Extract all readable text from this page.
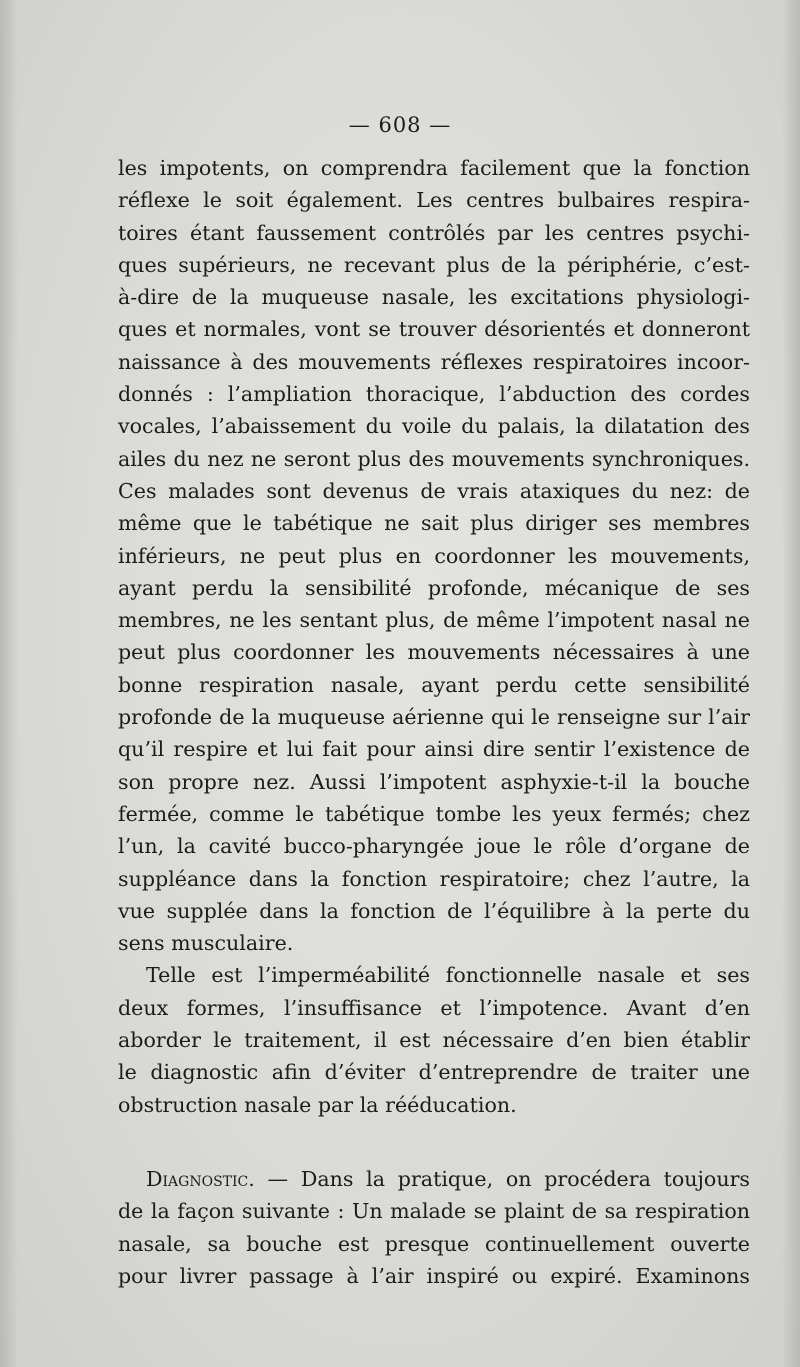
— 608 —
les impotents, on comprendra facilement que la fonction
réflexe le soit également. Les centres bulbaires respira-
toires étant faussement contrôlés par les centres psychi-
ques supérieurs, ne recevant plus de la périphérie, c’est-
à-dire de la muqueuse nasale, les excitations physiologi-
ques et normales, vont se trouver désorientés et donneront
naissance à des mouvements réflexes respiratoires incoor-
donnés : l’ampliation thoracique, l’abduction des cordes
vocales, l’abaissement du voile du palais, la dilatation des
ailes du nez ne seront plus des mouvements synchroniques.
Ces malades sont devenus de vrais ataxiques du nez: de
même que le tabétique ne sait plus diriger ses membres
inférieurs, ne peut plus en coordonner les mouvements,
ayant perdu la sensibilité profonde, mécanique de ses
membres, ne les sentant plus, de même l’impotent nasal ne
peut plus coordonner les mouvements nécessaires à une
bonne respiration nasale, ayant perdu cette sensibilité
profonde de la muqueuse aérienne qui le renseigne sur l’air
qu’il respire et lui fait pour ainsi dire sentir l’existence de
son propre nez. Aussi l’impotent asphyxie-t-il la bouche
fermée, comme le tabétique tombe les yeux fermés; chez
l’un, la cavité bucco-pharyngée joue le rôle d’organe de
suppléance dans la fonction respiratoire; chez l’autre, la
vue supplée dans la fonction de l’équilibre à la perte du
sens musculaire.
Telle est l’imperméabilité fonctionnelle nasale et ses
deux formes, l’insuffisance et l’impotence. Avant d’en
aborder le traitement, il est nécessaire d’en bien établir
le diagnostic afin d’éviter d’entreprendre de traiter une
obstruction nasale par la rééducation.
Diagnostic. — Dans la pratique, on procédera toujours
de la façon suivante : Un malade se plaint de sa respiration
nasale, sa bouche est presque continuellement ouverte
pour livrer passage à l’air inspiré ou expiré. Examinons
